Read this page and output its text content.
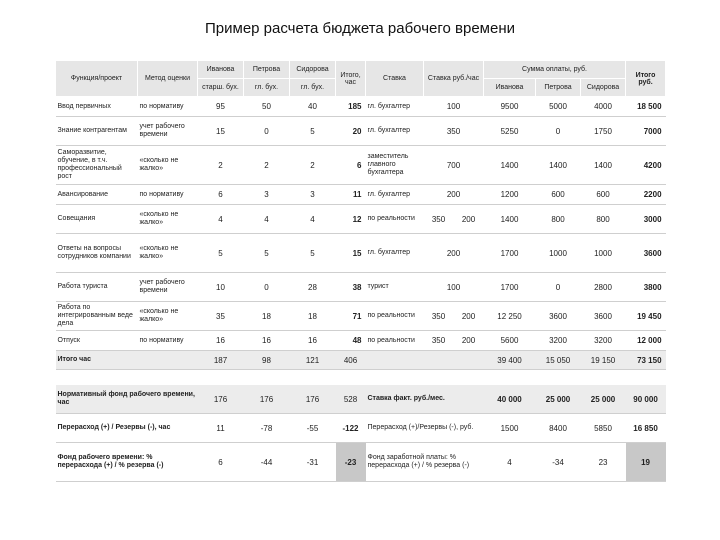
Пример расчета бюджета рабочего времени
Функция/проект	Метод оценки	Иванова	Петрова	Сидорова	Итого, час	Ставка	Ставка руб./час		Сумма оплаты, руб.			Итого руб.
		старш. бух.	гл. бух.	гл. бух.					Иванова	Петрова	Сидорова	
Ввод первичных	по нормативу	95	50	40	185	гл. бухгалтер	100		9500	5000	4000	18 500
Знание контрагентам	учет рабочего времени	15	0	5	20	гл. бухгалтер	350		5250	0	1750	7000
Саморазвитие, обучение, в т.ч. профессиональный рост	«сколько не жалко»	2	2	2	6	заместитель главного бухгалтера	700		1400	1400	1400	4200
Авансирование	по нормативу	6	3	3	11	гл. бухгалтер	200		1200	600	600	2200
Совещания	«сколько не жалко»	4	4	4	12	по реальности	350	200	1400	800	800	3000
Ответы на вопросы сотрудников компании	«сколько не жалко»	5	5	5	15	гл. бухгалтер	200		1700	1000	1000	3600
Работа туриста	учет рабочего времени	10	0	28	38	турист	100		1700	0	2800	3800
Работа по интегрированным веде дела	«сколько не жалко»	35	18	18	71	по реальности	350	200	12 250	3600	3600	19 450
Отпуск	по нормативу	16	16	16	48	по реальности	350	200	5600	3200	3200	12 000
Итого час		187	98	121	406				39 400	15 050	19 150	73 150

Нормативный фонд рабочего времени, час		176	176	176	528	Ставка факт. руб./мес.			40 000	25 000	25 000	90 000
Перерасход (+) / Резервы (-), час		11	-78	-55	-122	Перерасход (+)/Резервы (-), руб.			1500	8400	5850	16 850
Фонд рабочего времени: % перерасхода (+) / % резерва (-)		6	-44	-31	-23	Фонд заработной платы: % перерасхода (+) / % резерва (-)			4	-34	23	19
